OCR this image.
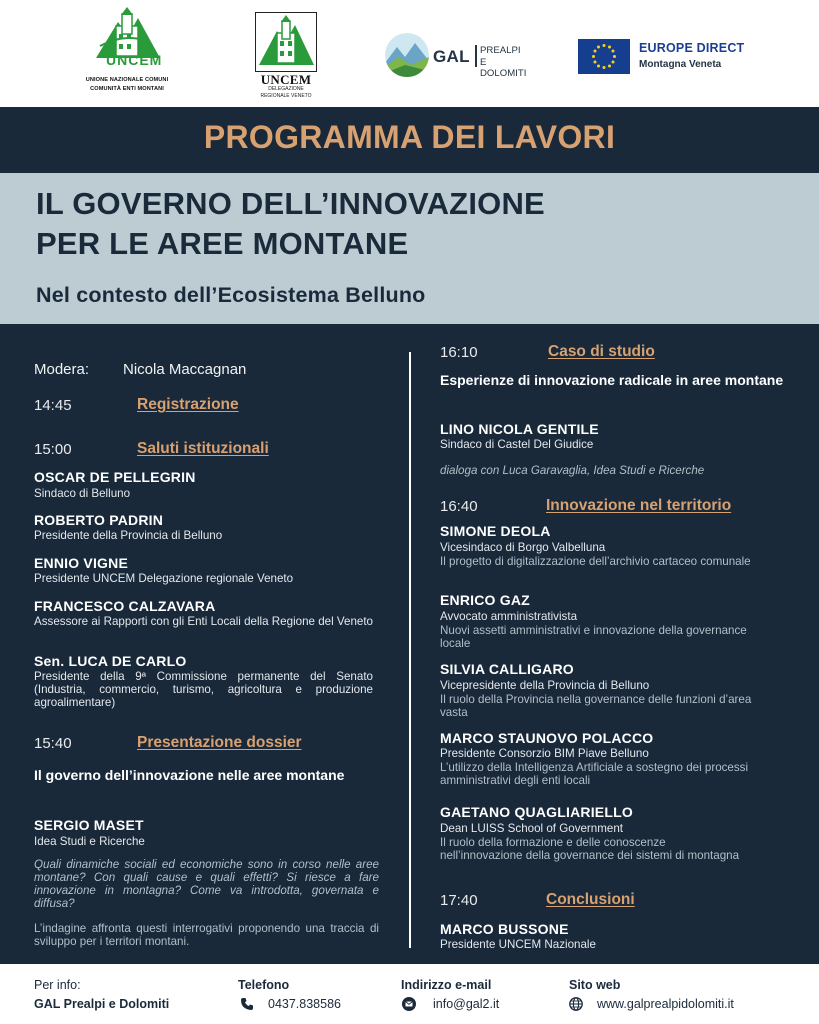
UNCEM
UNIONE NAZIONALE COMUNI
COMUNITÀ ENTI MONTANI
UNCEM
DELEGAZIONE
REGIONALE VENETO
GAL PREALPI E
DOLOMITI
EUROPE DIRECT
Montagna Veneta
PROGRAMMA DEI LAVORI
IL GOVERNO DELL’INNOVAZIONE
PER LE AREE MONTANE
Nel contesto dell’Ecosistema Belluno
Modera: Nicola Maccagnan
14:45	Registrazione
15:00	Saluti istituzionali
OSCAR DE PELLEGRIN
Sindaco di Belluno
ROBERTO PADRIN
Presidente della Provincia di Belluno
ENNIO VIGNE
Presidente UNCEM Delegazione regionale Veneto
FRANCESCO CALZAVARA
Assessore ai Rapporti con gli Enti Locali della Regione del Veneto
Sen. LUCA DE CARLO
Presidente della 9ª Commissione permanente del Senato (Industria, commercio, turismo, agricoltura e produzione agroalimentare)
15:40	Presentazione dossier
Il governo dell’innovazione nelle aree montane
SERGIO MASET
Idea Studi e Ricerche
Quali dinamiche sociali ed economiche sono in corso nelle aree montane? Con quali cause e quali effetti? Si riesce a fare innovazione in montagna? Come va introdotta, governata e diffusa?
L’indagine affronta questi interrogativi proponendo una traccia di sviluppo per i territori montani.
16:10	Caso di studio
Esperienze di innovazione radicale in aree montane
LINO NICOLA GENTILE
Sindaco di Castel Del Giudice
dialoga con Luca Garavaglia, Idea Studi e Ricerche
16:40	Innovazione nel territorio
SIMONE DEOLA
Vicesindaco di Borgo Valbelluna
Il progetto di digitalizzazione dell’archivio cartaceo comunale
ENRICO GAZ
Avvocato amministrativista
Nuovi assetti amministrativi e innovazione della governance locale
SILVIA CALLIGARO
Vicepresidente della Provincia di Belluno
Il ruolo della Provincia nella governance delle funzioni d’area vasta
MARCO STAUNOVO POLACCO
Presidente Consorzio BIM Piave Belluno
L’utilizzo della Intelligenza Artificiale a sostegno dei processi amministrativi degli enti locali
GAETANO QUAGLIARIELLO
Dean LUISS School of Government
Il ruolo della formazione e delle conoscenze nell’innovazione della governance dei sistemi di montagna
17:40	Conclusioni
MARCO BUSSONE
Presidente UNCEM Nazionale
Per info:
GAL Prealpi e Dolomiti
Telefono
0437.838586
Indirizzo e-mail
info@gal2.it
Sito web
www.galprealpidolomiti.it
